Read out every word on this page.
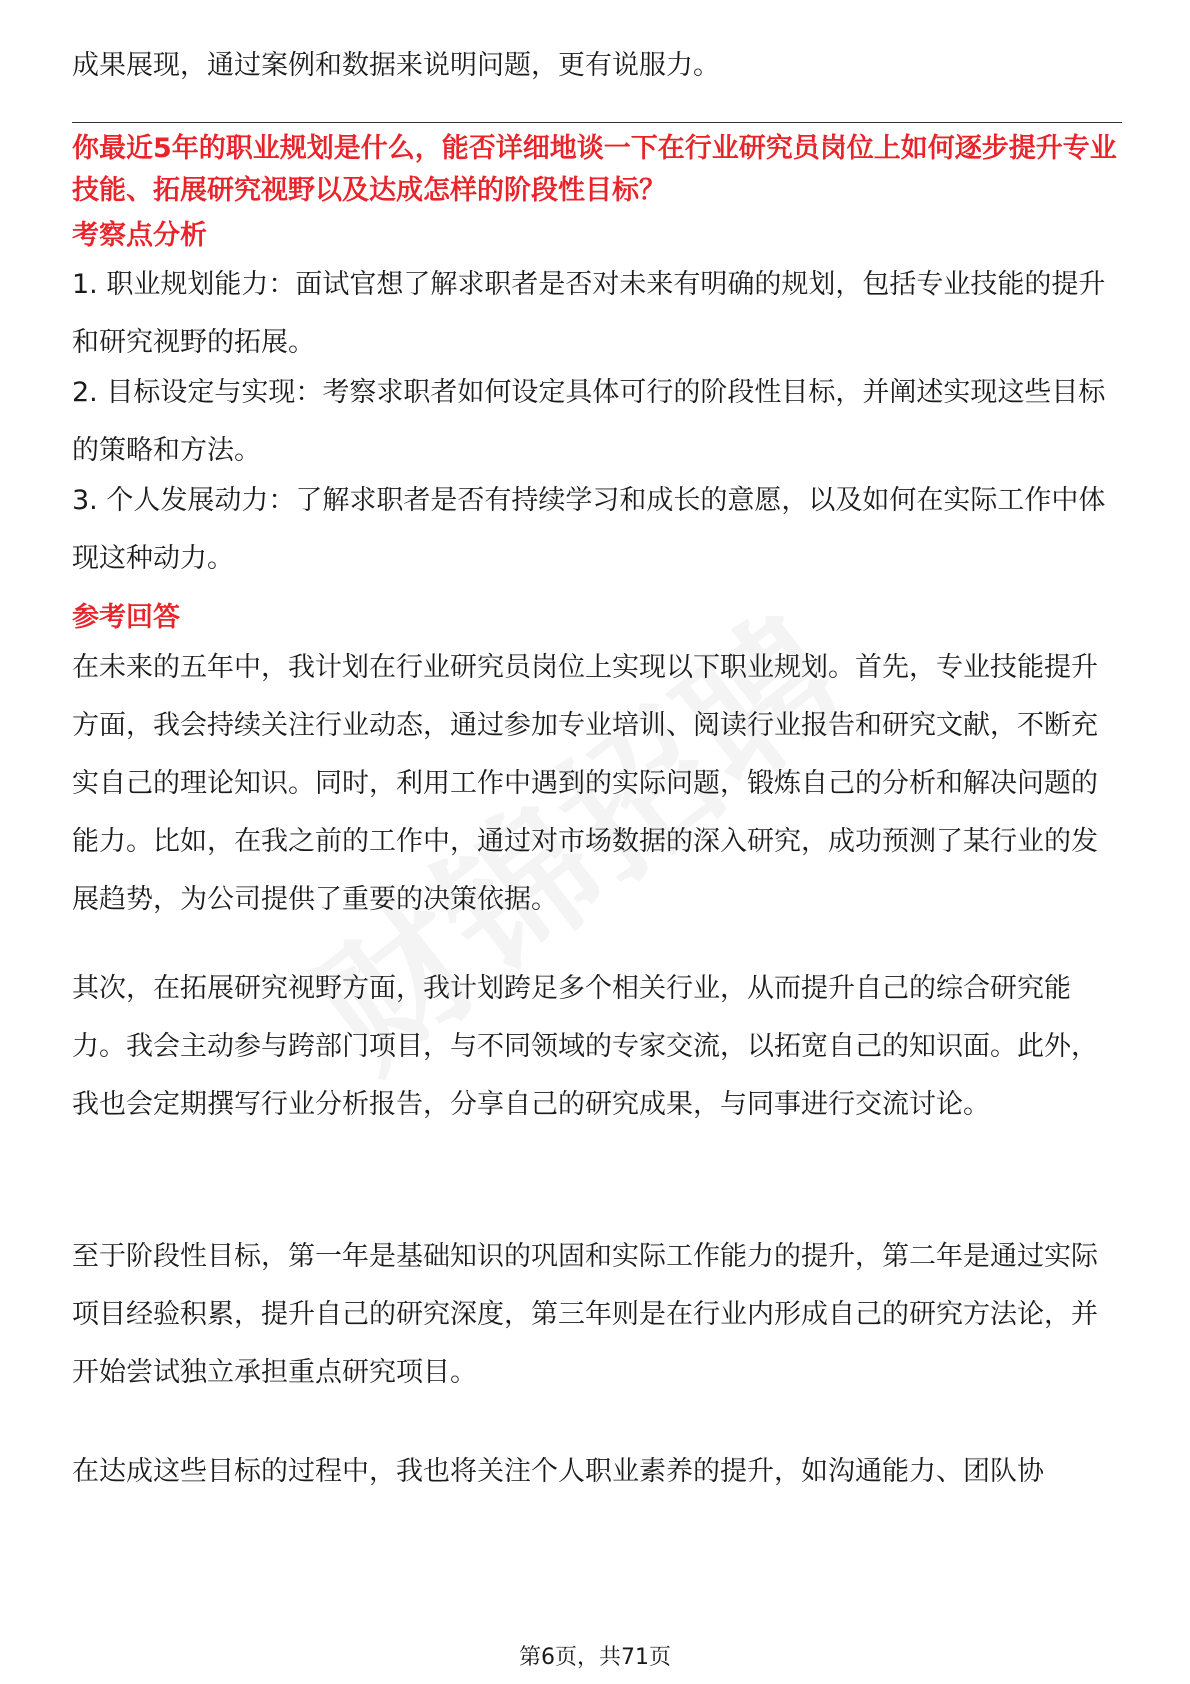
成果展现，通过案例和数据来说明问题，更有说服力。

你最近5年的职业规划是什么，能否详细地谈一下在行业研究员岗位上如何逐步提升专业技能、拓展研究视野以及达成怎样的阶段性目标？

考察点分析

1. 职业规划能力：面试官想了解求职者是否对未来有明确的规划，包括专业技能的提升和研究视野的拓展。

2. 目标设定与实现：考察求职者如何设定具体可行的阶段性目标，并阐述实现这些目标的策略和方法。

3. 个人发展动力：了解求职者是否有持续学习和成长的意愿，以及如何在实际工作中体现这种动力。

参考回答

在未来的五年中，我计划在行业研究员岗位上实现以下职业规划。首先，专业技能提升方面，我会持续关注行业动态，通过参加专业培训、阅读行业报告和研究文献，不断充实自己的理论知识。同时，利用工作中遇到的实际问题，锻炼自己的分析和解决问题的能力。比如，在我之前的工作中，通过对市场数据的深入研究，成功预测了某行业的发展趋势，为公司提供了重要的决策依据。

其次，在拓展研究视野方面，我计划跨足多个相关行业，从而提升自己的综合研究能力。我会主动参与跨部门项目，与不同领域的专家交流，以拓宽自己的知识面。此外，我也会定期撰写行业分析报告，分享自己的研究成果，与同事进行交流讨论。

至于阶段性目标，第一年是基础知识的巩固和实际工作能力的提升，第二年是通过实际项目经验积累，提升自己的研究深度，第三年则是在行业内形成自己的研究方法论，并开始尝试独立承担重点研究项目。

在达成这些目标的过程中，我也将关注个人职业素养的提升，如沟通能力、团队协

第6页，共71页
